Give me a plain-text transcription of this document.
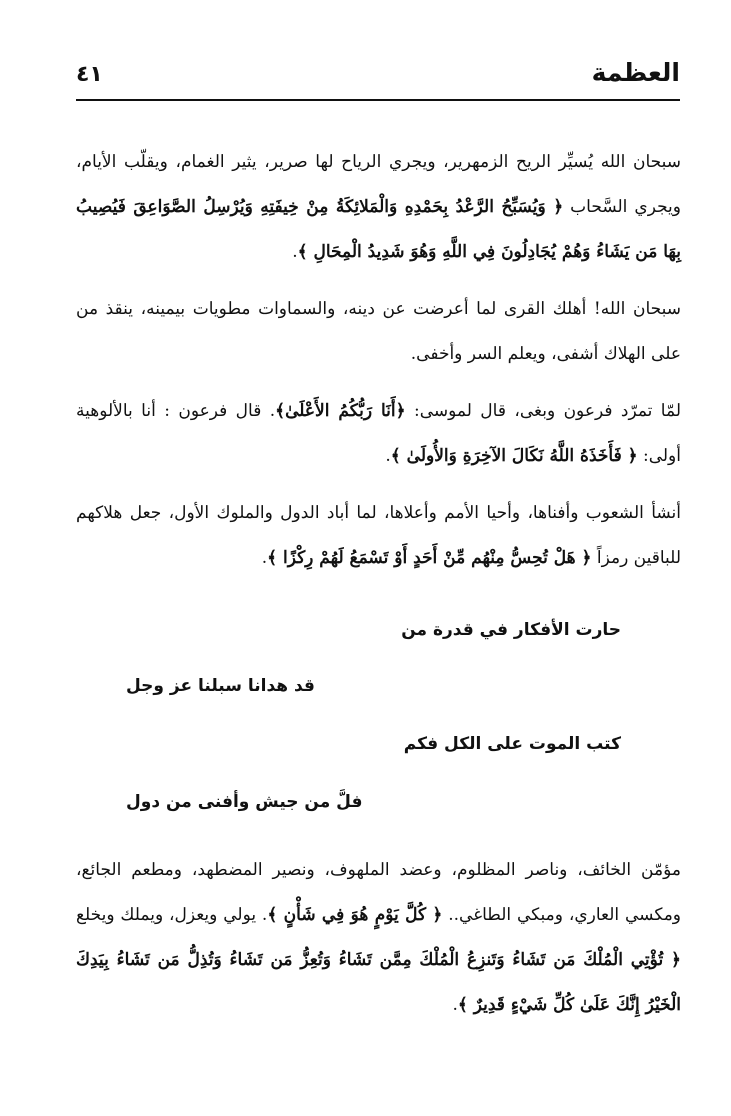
٤١	العظمة

سبحان الله يُسيِّر الريح الزمهرير، ويجري الرياح لها صرير، يثير الغمام، ويقلّب الأيام، ويجري السَّحاب ﴿ وَيُسَبِّحُ الرَّعْدُ بِحَمْدِهِ وَالْمَلائِكَةُ مِنْ خِيفَتِهِ وَيُرْسِلُ الصَّوَاعِقَ فَيُصِيبُ بِهَا مَن يَشَاءُ وَهُمْ يُجَادِلُونَ فِي اللَّهِ وَهُوَ شَدِيدُ الْمِحَالِ ﴾.

سبحان الله! أهلك القرى لما أعرضت عن دينه، والسماوات مطويات بيمينه، ينقذ من على الهلاك أشفى، ويعلم السر وأخفى.

لمّا تمرّد فرعون وبغى، قال لموسى: ﴿أَنَا رَبُّكُمُ الأَعْلَىٰ﴾. قال فرعون : أنا بالألوهية أولى: ﴿ فَأَخَذَهُ اللَّهُ نَكَالَ الآخِرَةِ وَالأُولَىٰ ﴾.

أنشأ الشعوب وأفناها، وأحيا الأمم وأعلاها، لما أباد الدول والملوك الأول، جعل هلاكهم للباقين رمزاً ﴿ هَلْ تُحِسُّ مِنْهُم مِّنْ أَحَدٍ أَوْ تَسْمَعُ لَهُمْ رِكْزًا ﴾.

حارت الأفكار في قدرة من
قد هدانا سبلنا عز وجل
كتب الموت على الكل فكم
فلَّ من جيش وأفنى من دول

مؤمّن الخائف، وناصر المظلوم، وعضد الملهوف، ونصير المضطهد، ومطعم الجائع، ومكسي العاري، ومبكي الطاغي.. ﴿ كُلَّ يَوْمٍ هُوَ فِي شَأْنٍ ﴾. يولي ويعزل، ويملك ويخلع ﴿ تُؤْتِي الْمُلْكَ مَن تَشَاءُ وَتَنزِعُ الْمُلْكَ مِمَّن تَشَاءُ وَتُعِزُّ مَن تَشَاءُ وَتُذِلُّ مَن تَشَاءُ بِيَدِكَ الْخَيْرُ إِنَّكَ عَلَىٰ كُلِّ شَيْءٍ قَدِيرٌ ﴾.
